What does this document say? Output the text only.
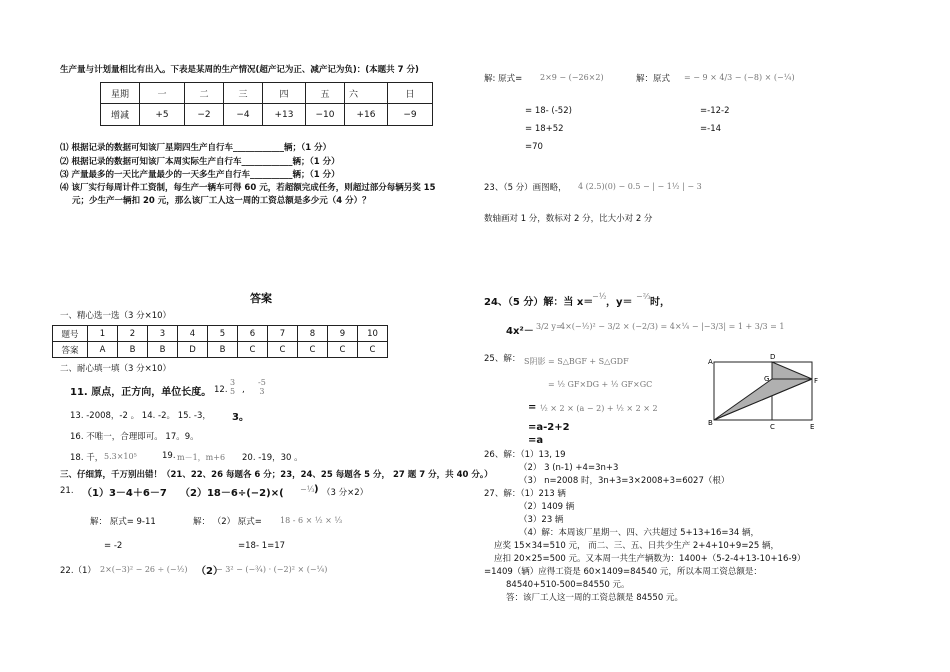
生产量与计划量相比有出入。下表是某周的生产情况(超产记为正、减产记为负)：(本题共 7 分)
星期	一	二	三	四	五	六	日
增减	+5	−2	−4	+13	−10	+16	−9
⑴ 根据记录的数据可知该厂星期四生产自行车____________辆；（1 分）
⑵ 根据记录的数据可知该厂本周实际生产自行车____________辆；（1 分）
⑶ 产量最多的一天比产量最少的一天多生产自行车__________辆；（1 分）
⑷ 该厂实行每周计件工资制，每生产一辆车可得 60 元，若超额完成任务，则超过部分每辆另奖 15
元；少生产一辆扣 20 元，那么该厂工人这一周的工资总额是多少元（4 分）？
答案
一、精心选一选（3 分×10）
题号	1	2	3	4	5	6	7	8	9	10
答案	A	B	B	D	B	C	C	C	C	C
二、耐心填一填（3 分×10）
11. 原点，正方向，单位长度。 12.
3
5 ,
-5
3
13. -2008，-2 。 14. -2。 15. -3， 3。
16. 不唯一，合理即可。 17。9。
18. 千， 5.3×10⁵	19. m－1，m+6 20. -19，30 。
三、仔细算，千万别出错！（21、22、26 每题各 6 分；23，24、25 每题各 5 分， 27 题 7 分，共 40 分。）
21. （1）3－4＋6－7 （2）18－6÷(−2)×( −⅓ ) （3 分×2）
解： 原式= 9-11	解： （2） 原式= 18 - 6 × ½ × ⅓
= -2	=18- 1=17
22.（1） 2×(−3)² − 26 ÷ (−½) （2）
− 3² − (−¾) · (−2)² × (−¼)
解: 原式= 2×9 − (−26×2)	解：原式 = − 9 × 4/3 − (−8) × (−¼)
= 18- (-52)	=-12-2
= 18+52	=-14
=70
23、（5 分）画图略， 4 (2.5)(0) − 0.5 − | − 1½ | − 3
数轴画对 1 分，数标对 2 分，比大小对 2 分
24、（5 分）解：当 x＝
−½
，y＝
−⅔
时，
4x²－ 3/2 y=
4×(−½)² − 3/2 × (−2/3) = 4×¼ − |−3/3| = 1 + 3/3 = 1
25、解： S阴影 = S△BGF + S△GDF
= ½ GF×DG + ½ GF×GC
= ½ × 2 × (a − 2) + ½ × 2 × 2
=a-2+2
=a
A
D
G	F
B	C	E
26、解：（1）13, 19
（2） 3 (n-1) +4=3n+3
（3） n=2008 时，3n+3=3×2008+3=6027（根）
27、解：（1）213 辆
（2）1409 辆
（3）23 辆
（4）解：本周该厂星期一、四、六共超过 5+13+16=34 辆，
应奖 15×34=510 元， 而二、三、五、日共少生产 2+4+10+9=25 辆，
应扣 20×25=500 元。又本周一共生产辆数为：1400+（5-2-4+13-10+16-9）
=1409（辆）应得工资是 60×1409=84540 元，所以本周工资总额是：
84540+510-500=84550 元。
答：该厂工人这一周的工资总额是 84550 元。
